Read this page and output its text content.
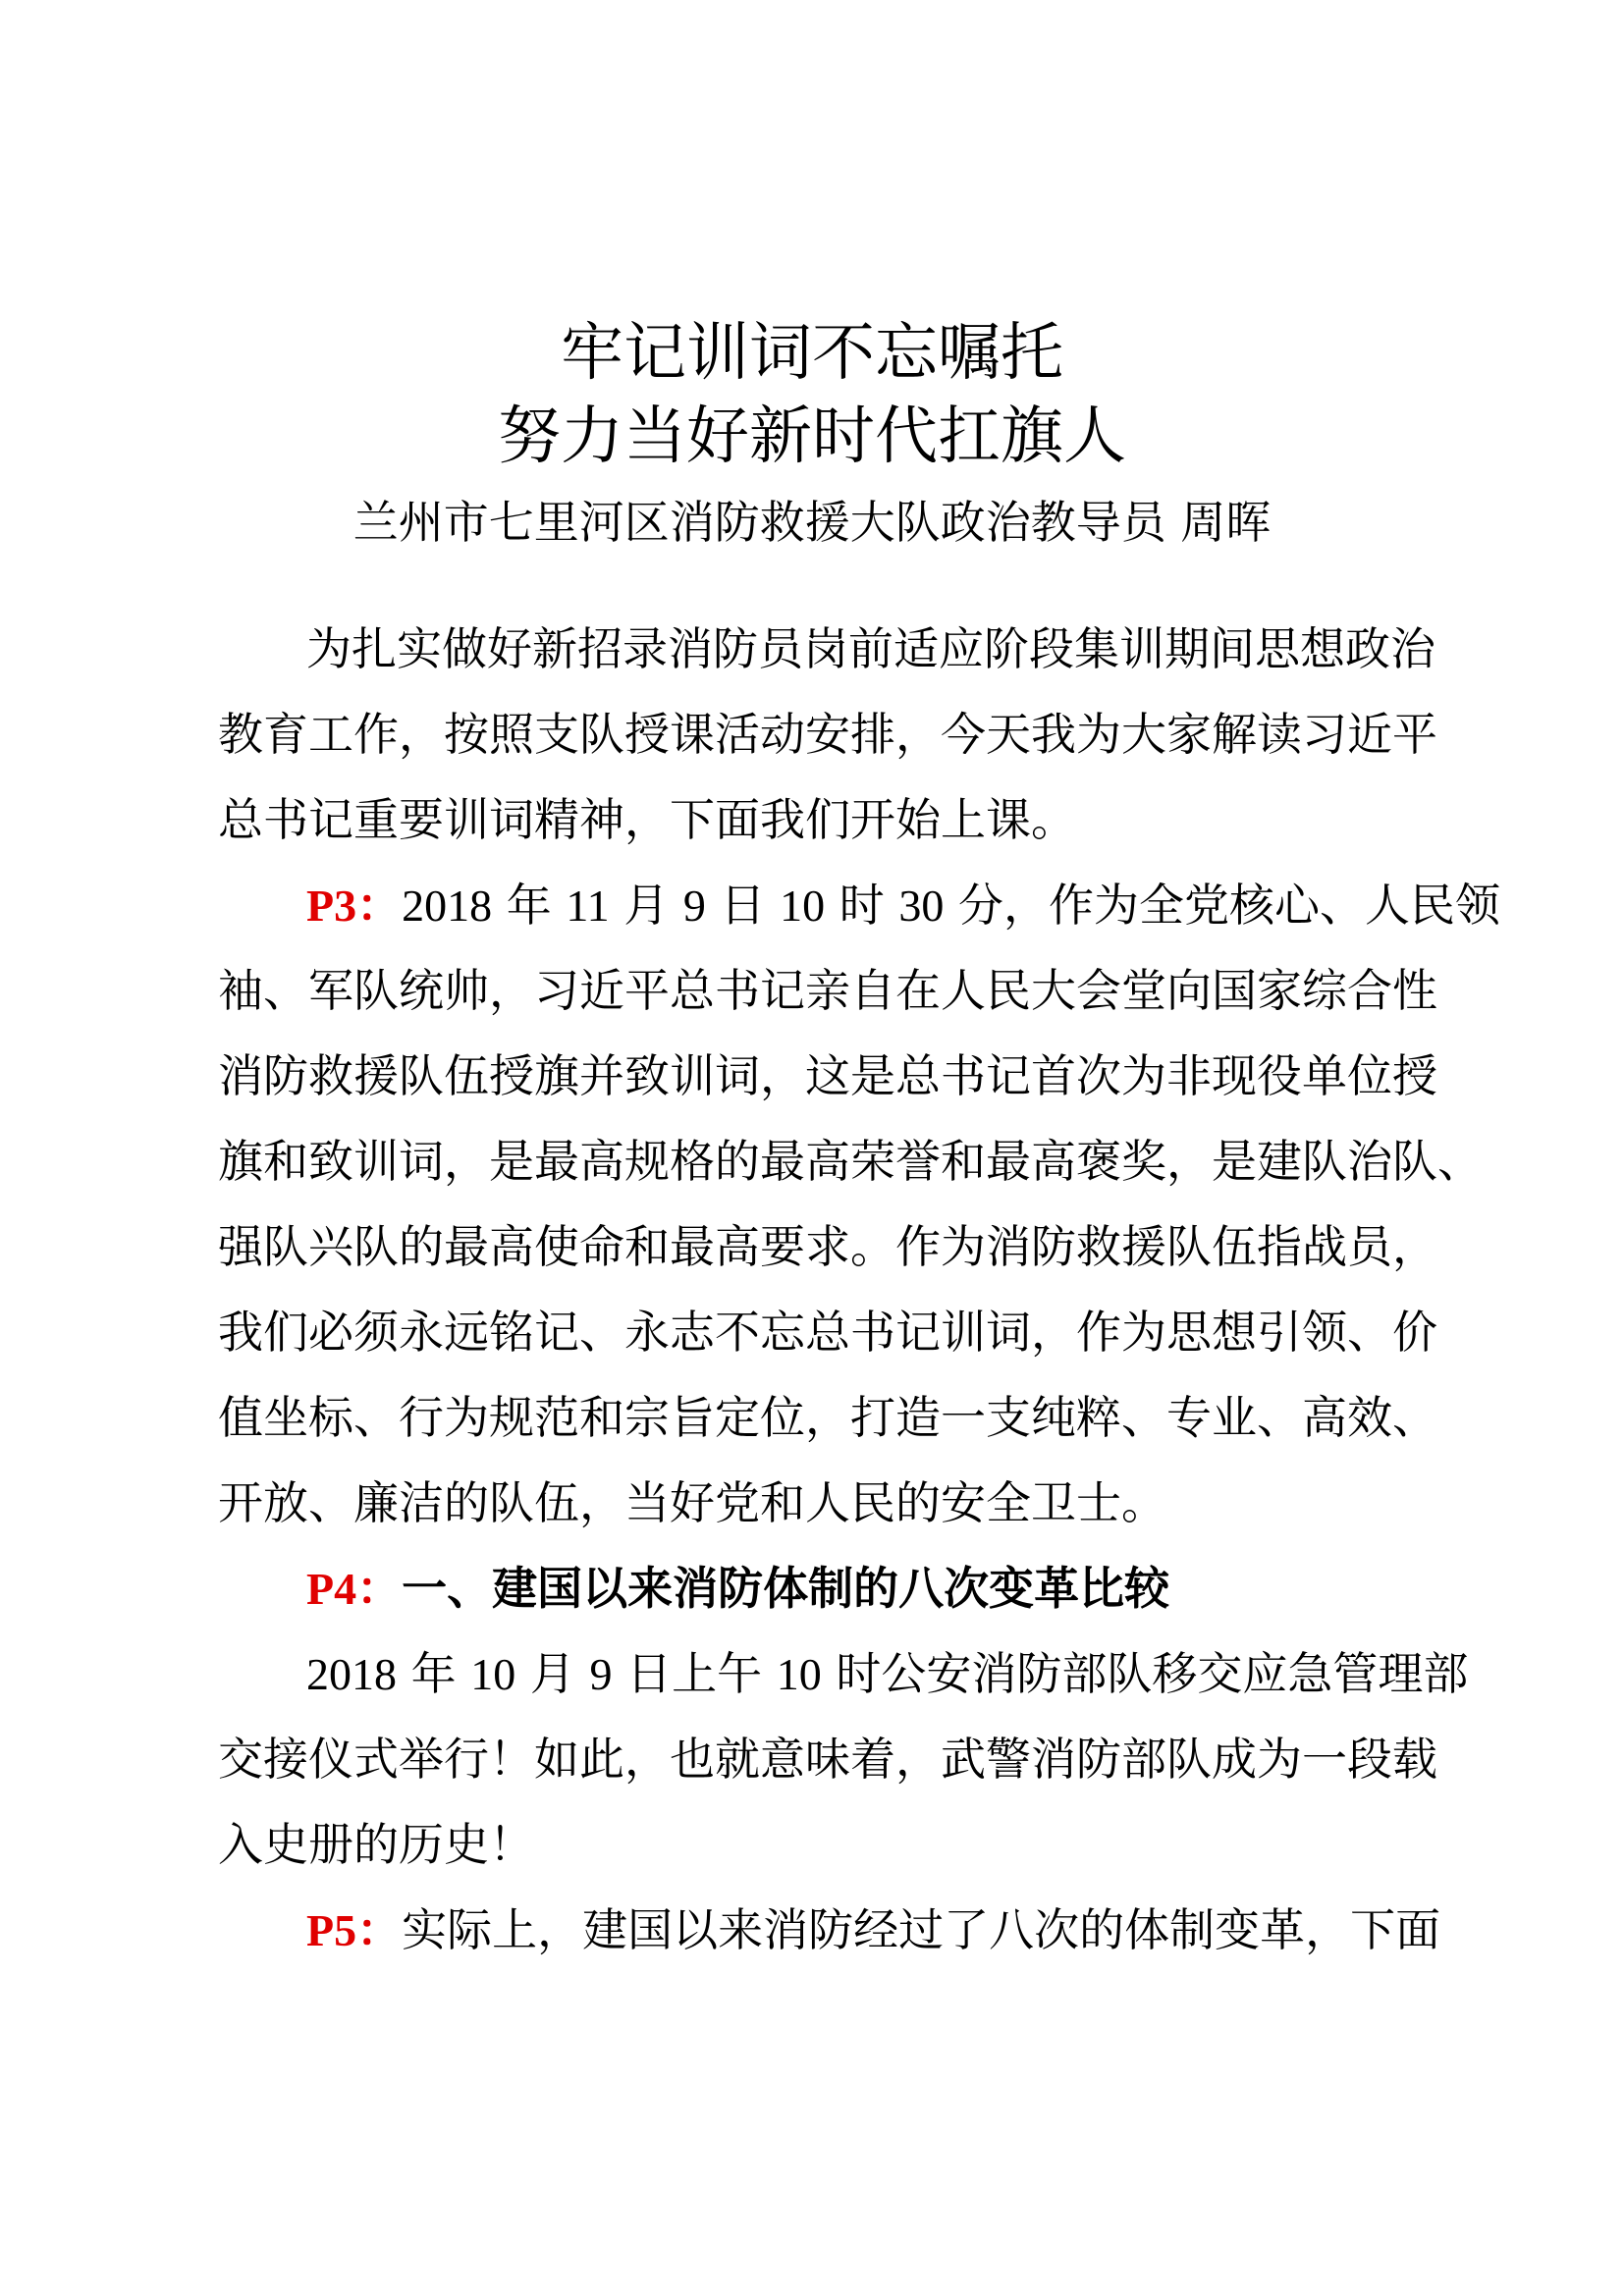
牢记训词不忘嘱托
努力当好新时代扛旗人
兰州市七里河区消防救援大队政治教导员 周晖
为扎实做好新招录消防员岗前适应阶段集训期间思想政治
教育工作，按照支队授课活动安排，今天我为大家解读习近平
总书记重要训词精神，下面我们开始上课。
P3：2018 年 11 月 9 日 10 时 30 分，作为全党核心、人民领
袖、军队统帅，习近平总书记亲自在人民大会堂向国家综合性
消防救援队伍授旗并致训词，这是总书记首次为非现役单位授
旗和致训词，是最高规格的最高荣誉和最高褒奖，是建队治队、
强队兴队的最高使命和最高要求。作为消防救援队伍指战员，
我们必须永远铭记、永志不忘总书记训词，作为思想引领、价
值坐标、行为规范和宗旨定位，打造一支纯粹、专业、高效、
开放、廉洁的队伍，当好党和人民的安全卫士。
P4：一、建国以来消防体制的八次变革比较
2018 年 10 月 9 日上午 10 时公安消防部队移交应急管理部
交接仪式举行！如此，也就意味着，武警消防部队成为一段载
入史册的历史！
P5：实际上，建国以来消防经过了八次的体制变革，下面
